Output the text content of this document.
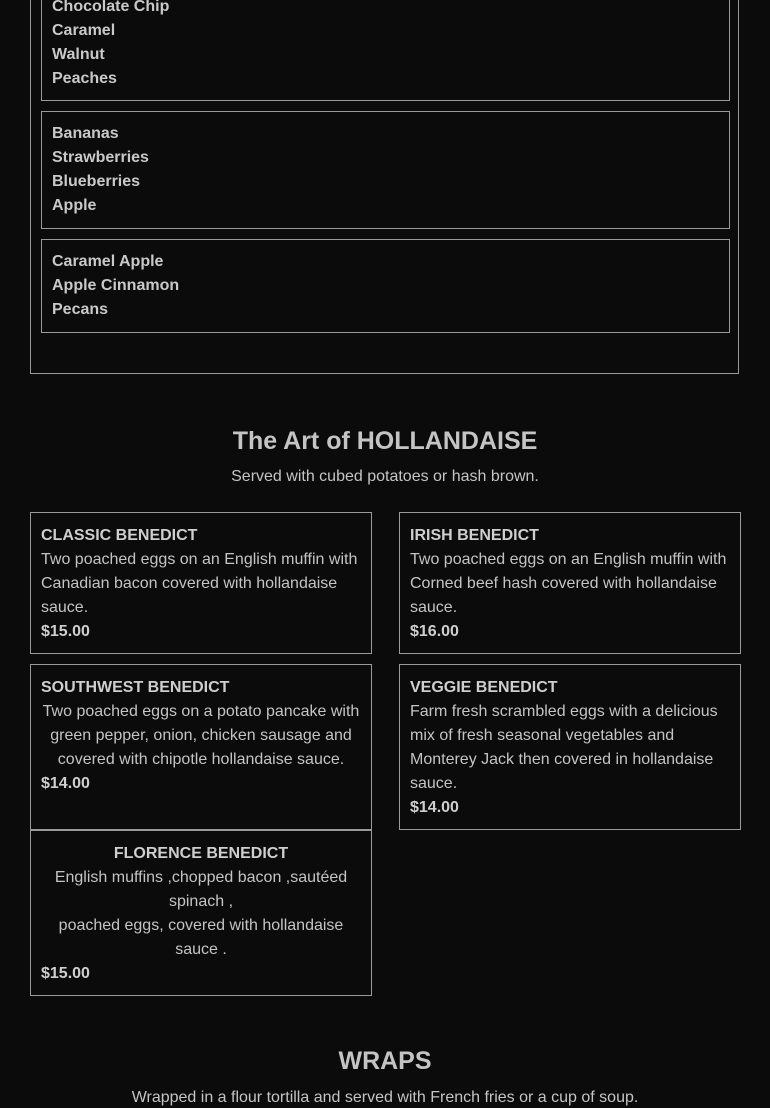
Chocolate Chip
Caramel
Walnut
Peaches
Bananas
Strawberries
Blueberries
Apple
Caramel Apple
Apple Cinnamon
Pecans
The Art of HOLLANDAISE
Served with cubed potatoes or hash brown.
CLASSIC BENEDICT
Two poached eggs on an English muffin with Canadian bacon covered with hollandaise sauce.
$15.00
IRISH BENEDICT
Two poached eggs on an English muffin with Corned beef hash covered with hollandaise sauce.
$16.00
SOUTHWEST BENEDICT
Two poached eggs on a potato pancake with green pepper, onion, chicken sausage and covered with chipotle hollandaise sauce.
$14.00
VEGGIE BENEDICT
Farm fresh scrambled eggs with a delicious mix of fresh seasonal vegetables and Monterey Jack then covered in hollandaise sauce.
$14.00
FLORENCE BENEDICT
English muffins ,chopped bacon ,sautéed spinach ,
poached eggs, covered with hollandaise sauce .
$15.00
WRAPS
Wrapped in a flour tortilla and served with French fries or a cup of soup.
